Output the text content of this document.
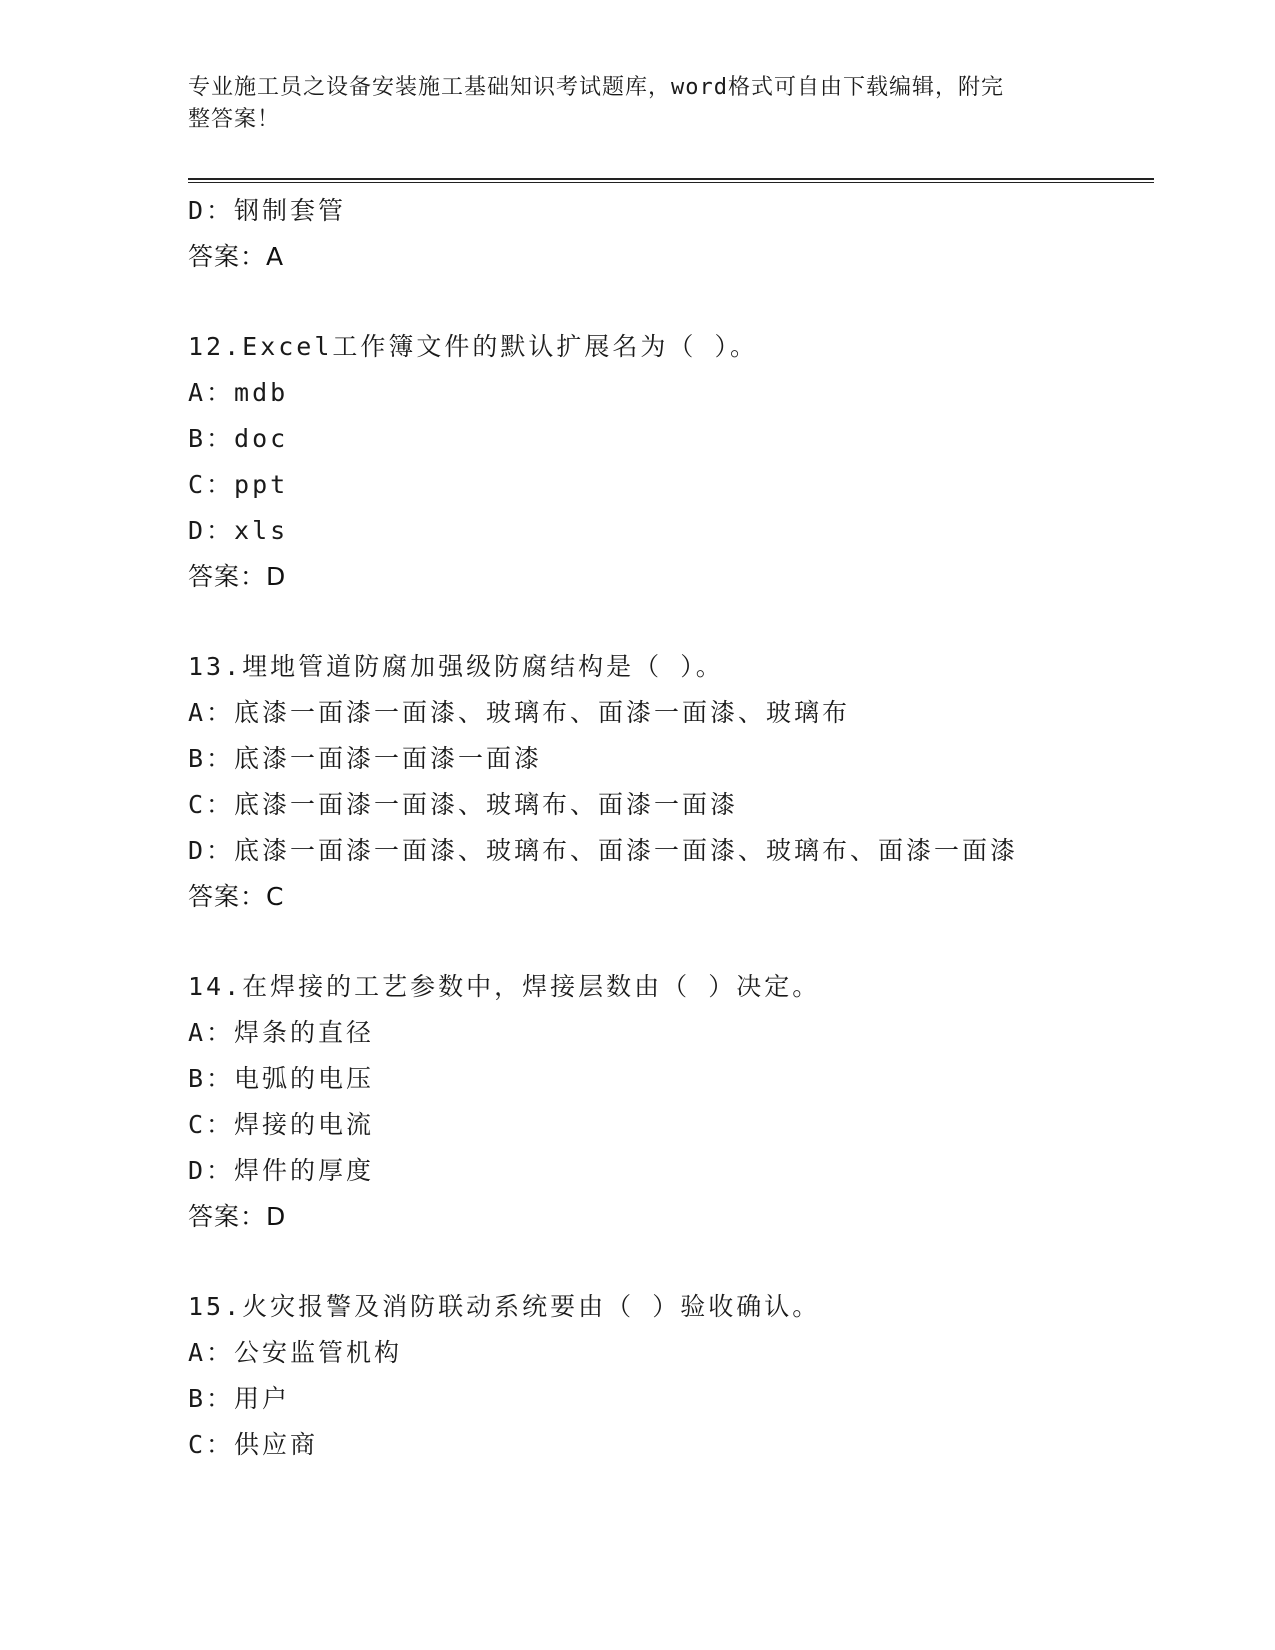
专业施工员之设备安装施工基础知识考试题库，word格式可自由下载编辑，附完
整答案！
D：钢制套管
答案：A
12.Excel工作簿文件的默认扩展名为（ ）。
A：mdb
B：doc
C：ppt
D：xls
答案：D
13.埋地管道防腐加强级防腐结构是（ ）。
A：底漆一面漆一面漆、玻璃布、面漆一面漆、玻璃布
B：底漆一面漆一面漆一面漆
C：底漆一面漆一面漆、玻璃布、面漆一面漆
D：底漆一面漆一面漆、玻璃布、面漆一面漆、玻璃布、面漆一面漆
答案：C
14.在焊接的工艺参数中，焊接层数由（ ）决定。
A：焊条的直径
B：电弧的电压
C：焊接的电流
D：焊件的厚度
答案：D
15.火灾报警及消防联动系统要由（ ）验收确认。
A：公安监管机构
B：用户
C：供应商
